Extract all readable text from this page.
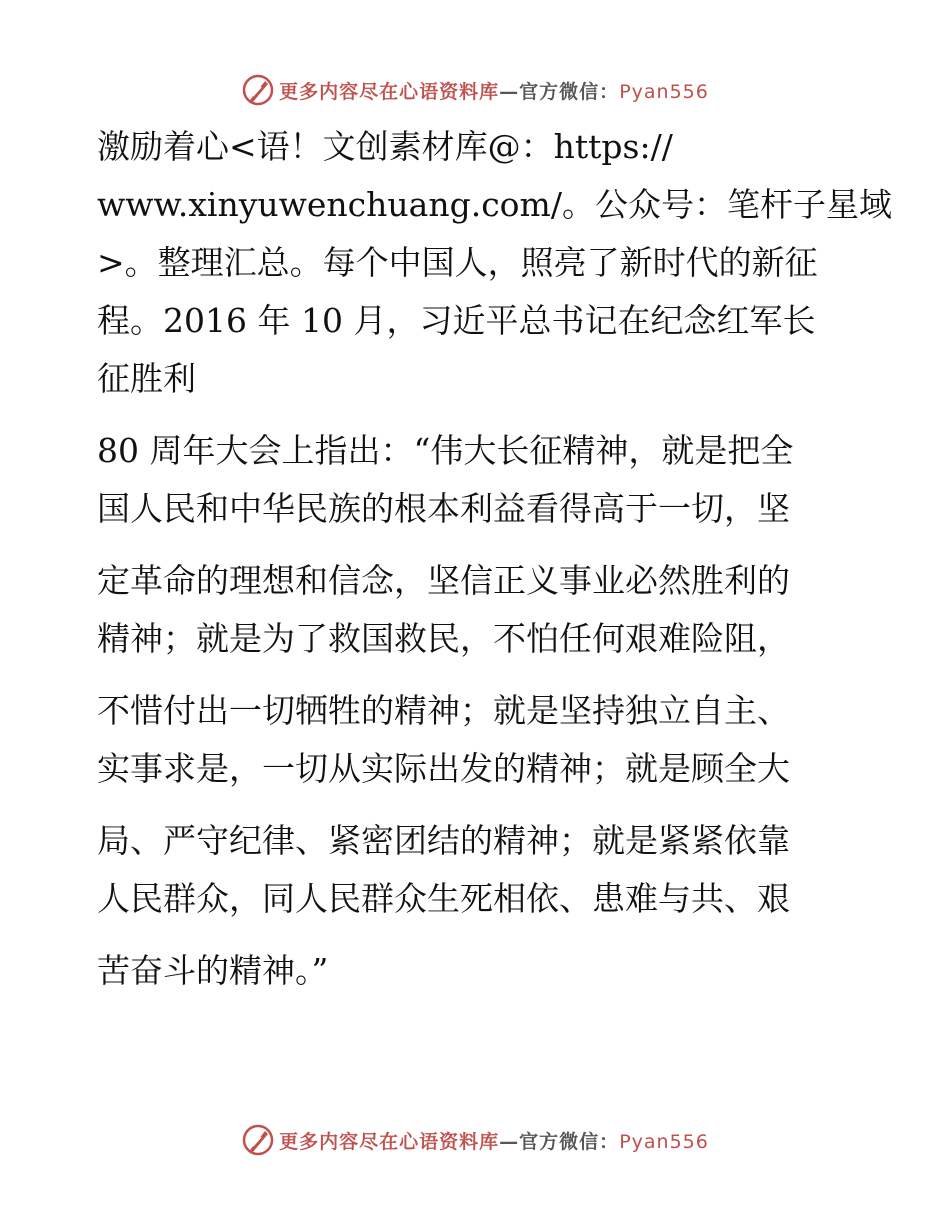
更多内容尽在心语资料库—官方微信：Pyan556
激励着心<语！文创素材库@：https://
www.xinyuwenchuang.com/。公众号：笔杆子星域
>。整理汇总。每个中国人，照亮了新时代的新征
程。2016 年 10 月，习近平总书记在纪念红军长
征胜利
80 周年大会上指出：“伟大长征精神，就是把全
国人民和中华民族的根本利益看得高于一切，坚
定革命的理想和信念，坚信正义事业必然胜利的
精神；就是为了救国救民，不怕任何艰难险阻，
不惜付出一切牺牲的精神；就是坚持独立自主、
实事求是，一切从实际出发的精神；就是顾全大
局、严守纪律、紧密团结的精神；就是紧紧依靠
人民群众，同人民群众生死相依、患难与共、艰
苦奋斗的精神。”
更多内容尽在心语资料库—官方微信：Pyan556
